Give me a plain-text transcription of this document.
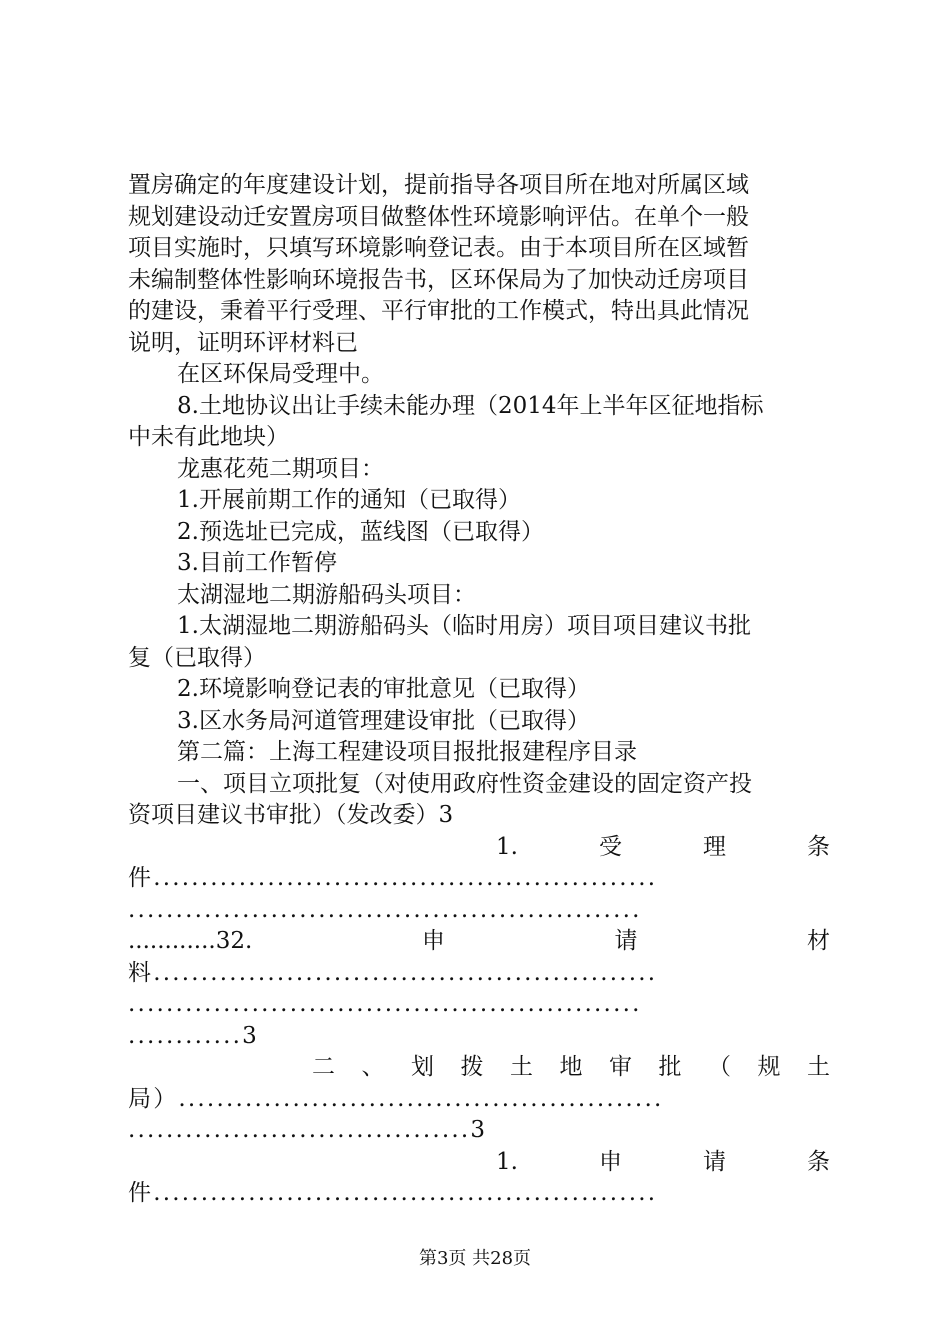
置房确定的年度建设计划，提前指导各项目所在地对所属区域
规划建设动迁安置房项目做整体性环境影响评估。在单个一般
项目实施时，只填写环境影响登记表。由于本项目所在区域暂
未编制整体性影响环境报告书，区环保局为了加快动迁房项目
的建设，秉着平行受理、平行审批的工作模式，特出具此情况
说明，证明环评材料已
在区环保局受理中。
8.土地协议出让手续未能办理（2014年上半年区征地指标
中未有此地块）
龙惠花苑二期项目：
1.开展前期工作的通知（已取得）
2.预选址已完成，蓝线图（已取得）
3.目前工作暂停
太湖湿地二期游船码头项目：
1.太湖湿地二期游船码头（临时用房）项目项目建议书批
复（已取得）
2.环境影响登记表的审批意见（已取得）
3.区水务局河道管理建设审批（已取得）
第二篇：上海工程建设项目报批报建程序目录
一、项目立项批复（对使用政府性资金建设的固定资产投
资项目建议书审批）（发改委）3
1.	受	理	条
件.....................................................
......................................................
............32.	申	请	材
料.....................................................
......................................................
............3
二 、 划 拨 土 地 审 批 （ 规 土
局）...................................................
....................................3
1.	申	请	条
件.....................................................
第3页 共28页
